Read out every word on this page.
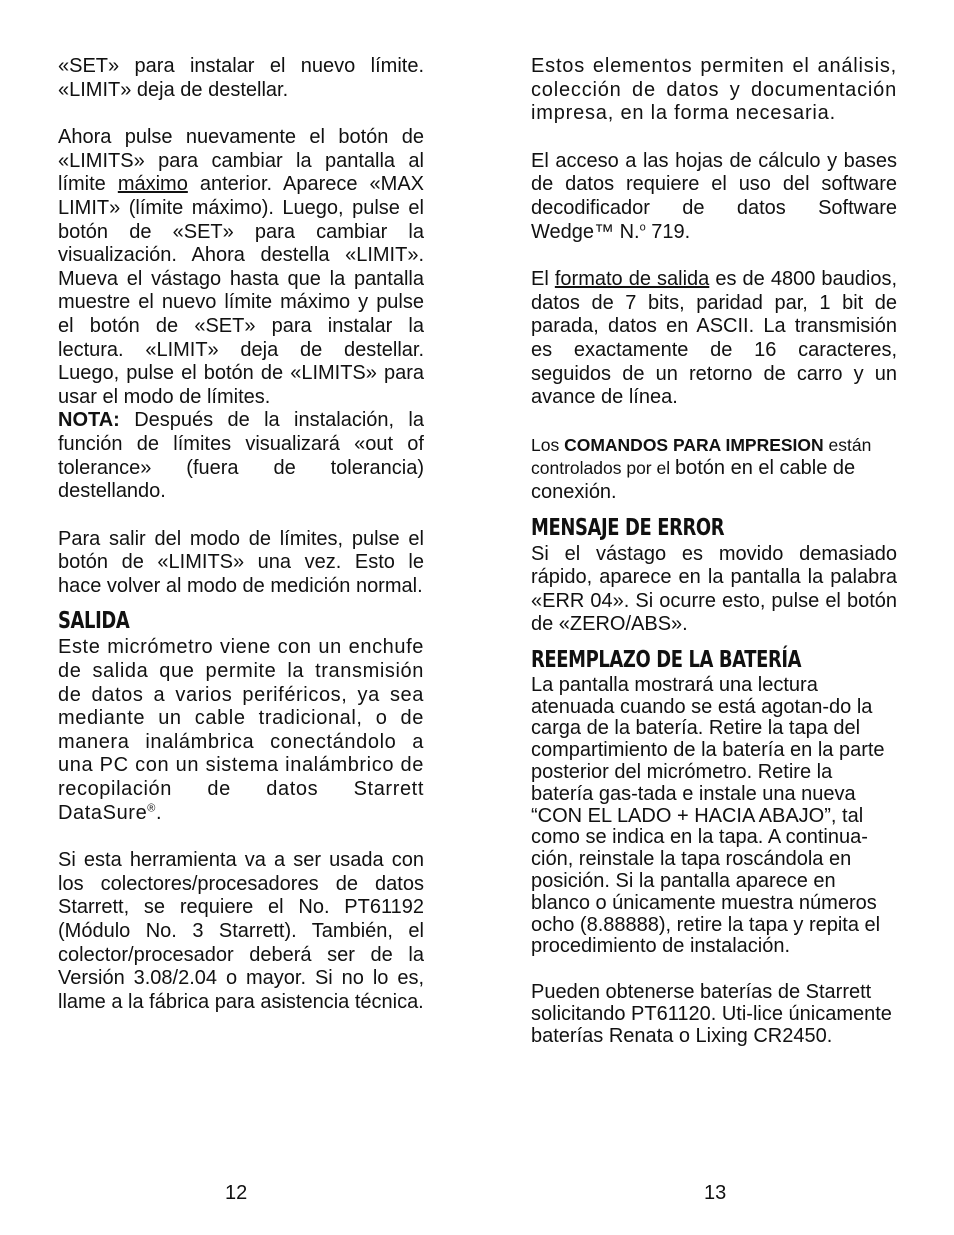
«SET» para instalar el nuevo límite. «LIMIT» deja de destellar.

Ahora pulse nuevamente el botón de «LIMITS» para cambiar la pantalla al límite máximo anterior. Aparece «MAX LIMIT» (límite máximo). Luego, pulse el botón de «SET» para cambiar la visualización. Ahora destella «LIMIT». Mueva el vástago hasta que la pantalla muestre el nuevo límite máximo y pulse el botón de «SET» para instalar la lectura. «LIMIT» deja de destellar. Luego, pulse el botón de «LIMITS» para usar el modo de límites.

NOTA: Después de la instalación, la función de límites visualizará «out of tolerance» (fuera de tolerancia) destellando.

Para salir del modo de límites, pulse el botón de «LIMITS» una vez. Esto le hace volver al modo de medición normal.

SALIDA

Este micrómetro viene con un enchufe de salida que permite la transmisión de datos a varios periféricos, ya sea mediante un cable tradicional, o de manera inalámbrica conectándolo a una PC con un sistema inalámbrico de recopilación de datos Starrett DataSure®.

Si esta herramienta va a ser usada con los colectores/procesadores de datos Starrett, se requiere el No. PT61192 (Módulo No. 3 Starrett). También, el colector/procesador deberá ser de la Versión 3.08/2.04 o mayor. Si no lo es, llame a la fábrica para asistencia técnica.

Estos elementos permiten el análisis, colección de datos y documentación impresa, en la forma necesaria.

El acceso a las hojas de cálculo y bases de datos requiere el uso del software decodificador de datos Software Wedge™ N.$^o$ 719.

El formato de salida es de 4800 baudios, datos de 7 bits, paridad par, 1 bit de parada, datos en ASCII. La transmisión es exactamente de 16 caracteres, seguidos de un retorno de carro y un avance de línea.

Los COMANDOS PARA IMPRESION están controlados por el botón en el cable de conexión.

MENSAJE DE ERROR

Si el vástago es movido demasiado rápido, aparece en la pantalla la palabra «ERR 04». Si ocurre esto, pulse el botón de «ZERO/ABS».

REEMPLAZO DE LA BATERÍA

La pantalla mostrará una lectura atenuada cuando se está agotan-do la carga de la batería. Retire la tapa del compartimiento de la batería en la parte posterior del micrómetro. Retire la batería gas-tada e instale una nueva “CON EL LADO + HACIA ABAJO”, tal como se indica en la tapa. A continua-ción, reinstale la tapa roscándola en posición. Si la pantalla aparece en blanco o únicamente muestra números ocho (8.88888), retire la tapa y repita el procedimiento de instalación.

Pueden obtenerse baterías de Starrett solicitando PT61120. Uti-lice únicamente baterías Renata o Lixing CR2450.

12	13
